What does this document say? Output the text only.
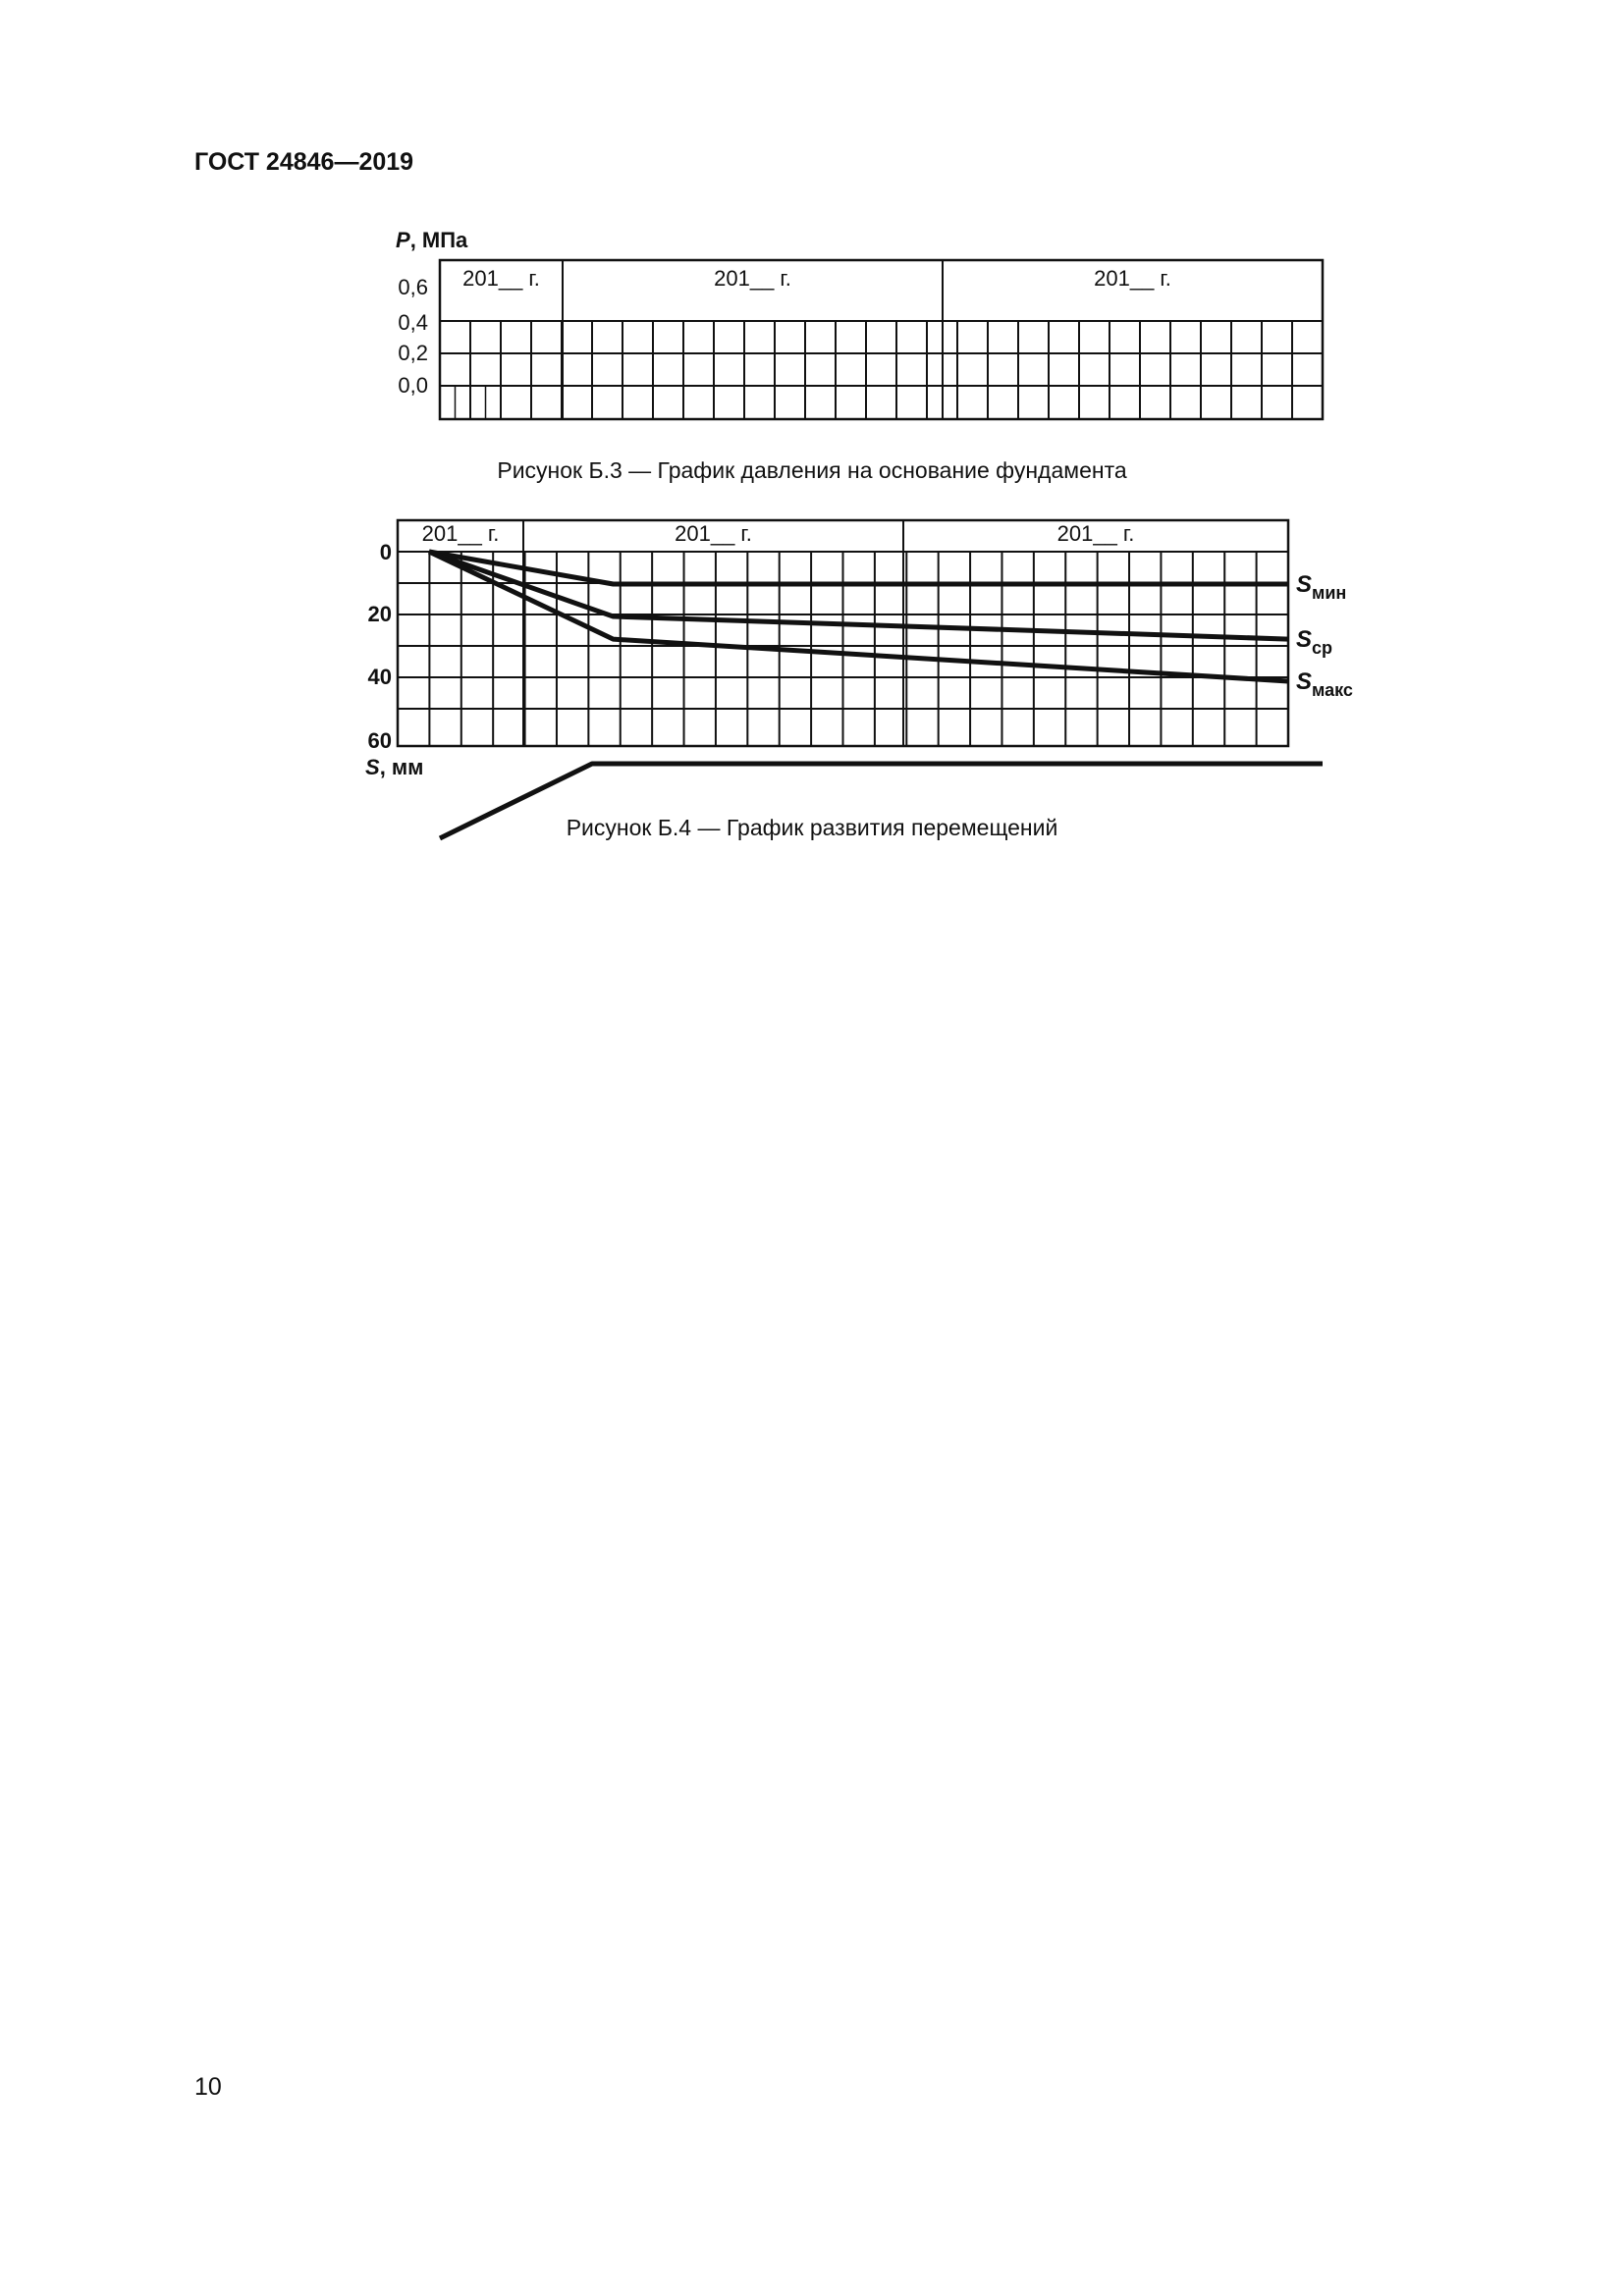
ГОСТ 24846—2019
201__ г.	201__ г.	201__ г.
0,6
0,4
0,2
0,0
P, МПа
Рисунок Б.3 — График давления на основание фундамента
201__ г.	201__ г.	201__ г.
0
20
40
60
S, мм
$S_{мин}$
$S_{ср}$
$S_{макс}$
Рисунок Б.4 — График развития перемещений
10
